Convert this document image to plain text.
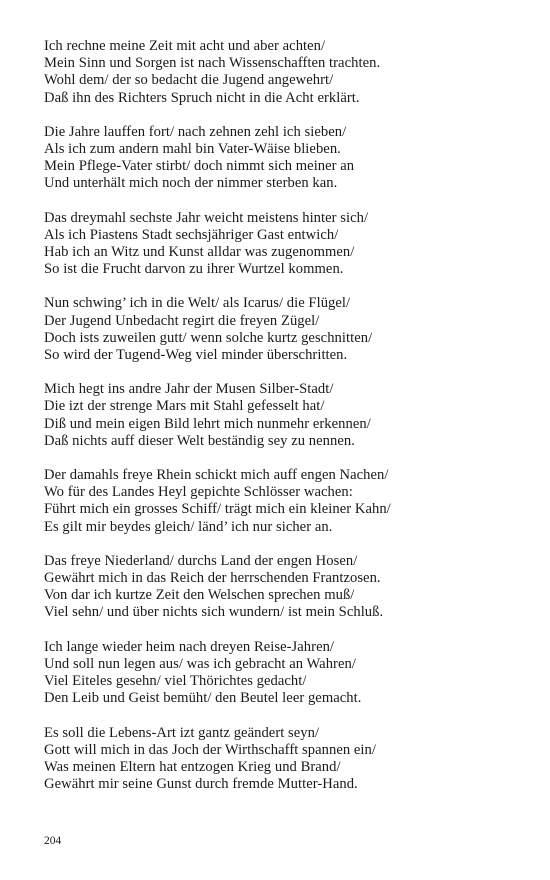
Ich rechne meine Zeit mit acht und aber achten/
Mein Sinn und Sorgen ist nach Wissenschafften trachten.
Wohl dem/ der so bedacht die Jugend angewehrt/
Daß ihn des Richters Spruch nicht in die Acht erklärt.
Die Jahre lauffen fort/ nach zehnen zehl ich sieben/
Als ich zum andern mahl bin Vater-Wäise blieben.
Mein Pflege-Vater stirbt/ doch nimmt sich meiner an
Und unterhält mich noch der nimmer sterben kan.
Das dreymahl sechste Jahr weicht meistens hinter sich/
Als ich Piastens Stadt sechsjähriger Gast entwich/
Hab ich an Witz und Kunst alldar was zugenommen/
So ist die Frucht darvon zu ihrer Wurtzel kommen.
Nun schwing’ ich in die Welt/ als Icarus/ die Flügel/
Der Jugend Unbedacht regirt die freyen Zügel/
Doch ists zuweilen gutt/ wenn solche kurtz geschnitten/
So wird der Tugend-Weg viel minder überschritten.
Mich hegt ins andre Jahr der Musen Silber-Stadt/
Die izt der strenge Mars mit Stahl gefesselt hat/
Diß und mein eigen Bild lehrt mich nunmehr erkennen/
Daß nichts auff dieser Welt beständig sey zu nennen.
Der damahls freye Rhein schickt mich auff engen Nachen/
Wo für des Landes Heyl gepichte Schlösser wachen:
Führt mich ein grosses Schiff/ trägt mich ein kleiner Kahn/
Es gilt mir beydes gleich/ länd’ ich nur sicher an.
Das freye Niederland/ durchs Land der engen Hosen/
Gewährt mich in das Reich der herrschenden Frantzosen.
Von dar ich kurtze Zeit den Welschen sprechen muß/
Viel sehn/ und über nichts sich wundern/ ist mein Schluß.
Ich lange wieder heim nach dreyen Reise-Jahren/
Und soll nun legen aus/ was ich gebracht an Wahren/
Viel Eiteles gesehn/ viel Thörichtes gedacht/
Den Leib und Geist bemüht/ den Beutel leer gemacht.
Es soll die Lebens-Art izt gantz geändert seyn/
Gott will mich in das Joch der Wirthschafft spannen ein/
Was meinen Eltern hat entzogen Krieg und Brand/
Gewährt mir seine Gunst durch fremde Mutter-Hand.
204
